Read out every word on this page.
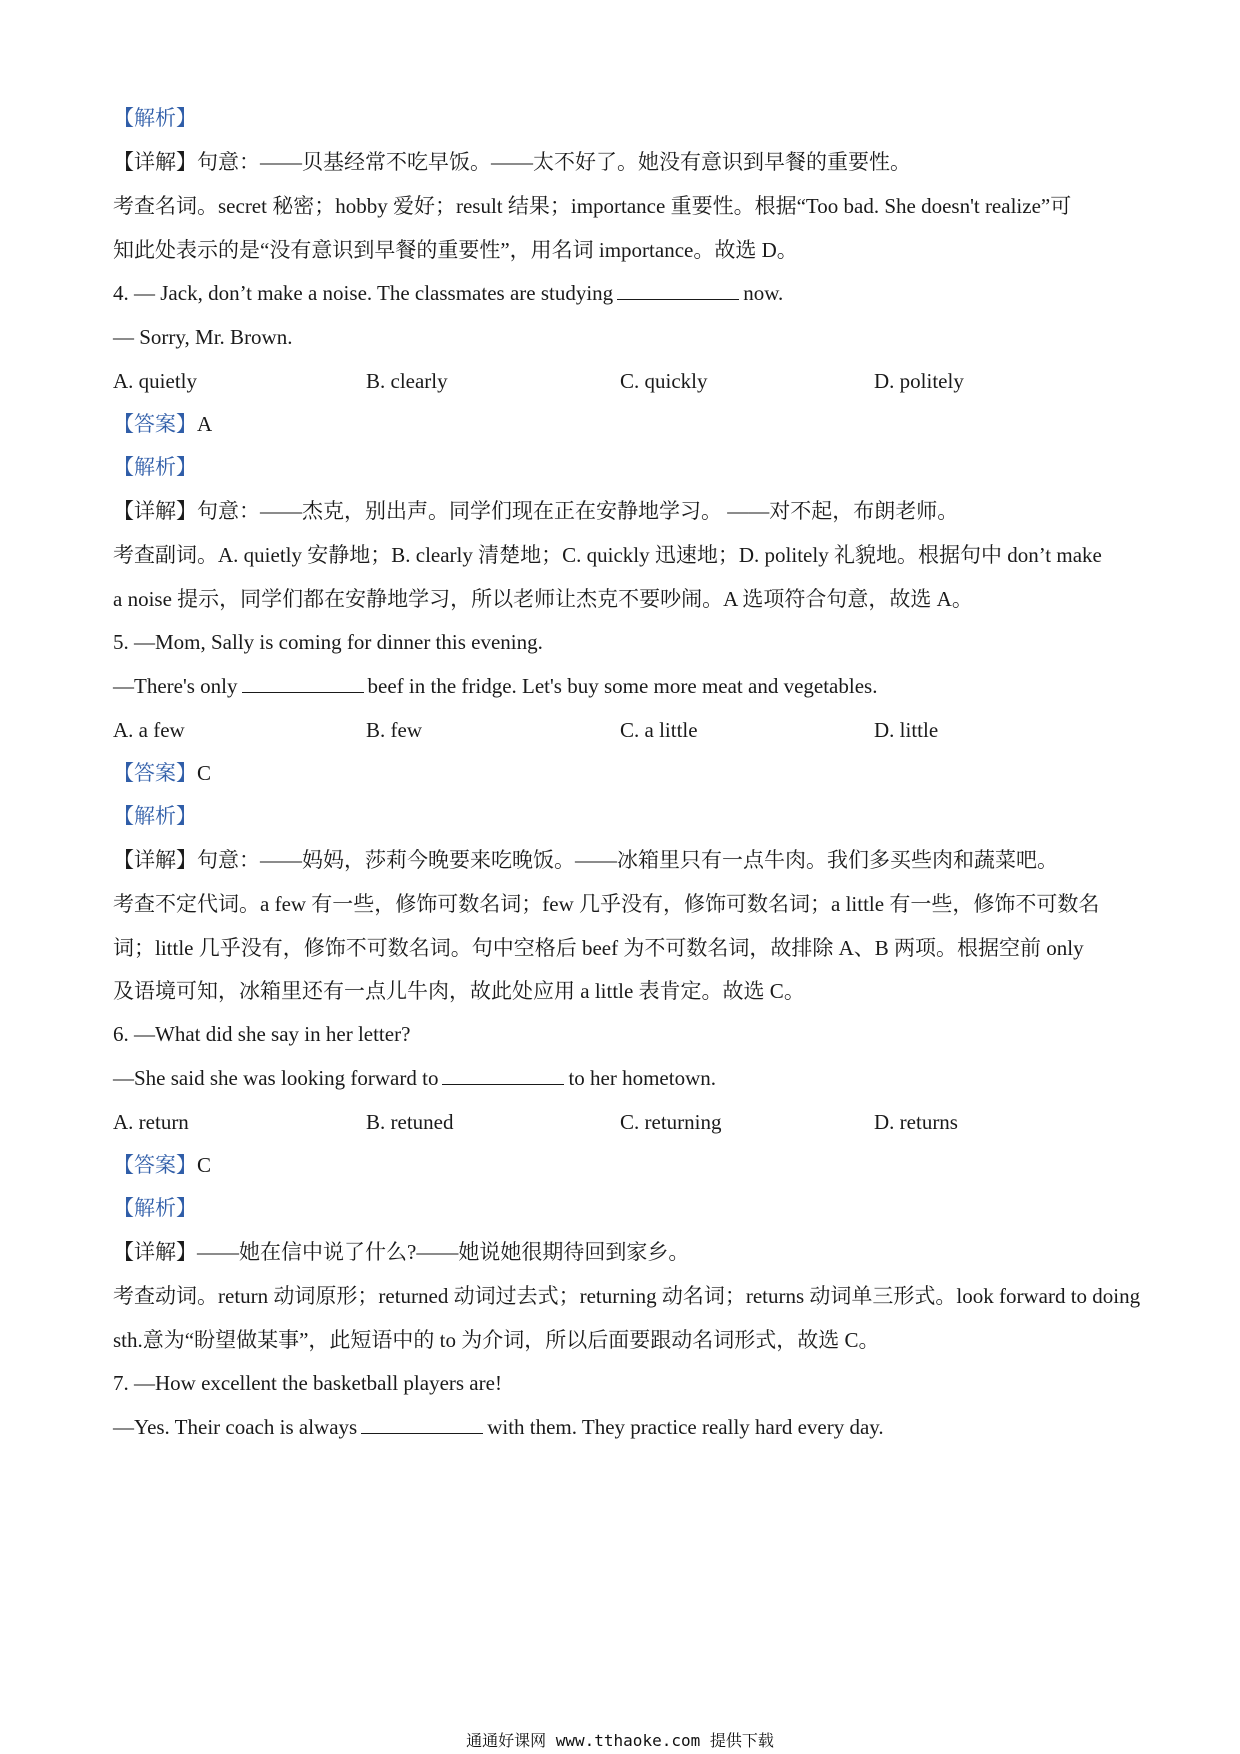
【解析】
【详解】句意：——贝基经常不吃早饭。——太不好了。她没有意识到早餐的重要性。
考查名词。secret 秘密；hobby 爱好；result 结果；importance 重要性。根据“Too bad. She doesn't realize”可
知此处表示的是“没有意识到早餐的重要性”，用名词 importance。故选 D。
4. — Jack, don’t make a noise. The classmates are studying	now.
— Sorry, Mr. Brown.
A. quietly	B. clearly	C. quickly	D. politely
【答案】A
【解析】
【详解】句意：——杰克，别出声。同学们现在正在安静地学习。 ——对不起，布朗老师。
考查副词。A. quietly 安静地；B. clearly 清楚地；C. quickly 迅速地；D. politely 礼貌地。根据句中 don’t make
a noise 提示，同学们都在安静地学习，所以老师让杰克不要吵闹。A 选项符合句意，故选 A。
5. —Mom, Sally is coming for dinner this evening.
—There's only	beef in the fridge. Let's buy some more meat and vegetables.
A. a few	B. few	C. a little	D. little
【答案】C
【解析】
【详解】句意：——妈妈，莎莉今晚要来吃晚饭。——冰箱里只有一点牛肉。我们多买些肉和蔬菜吧。
考查不定代词。a few 有一些，修饰可数名词；few 几乎没有，修饰可数名词；a little 有一些，修饰不可数名
词；little 几乎没有，修饰不可数名词。句中空格后 beef 为不可数名词，故排除 A、B 两项。根据空前 only
及语境可知，冰箱里还有一点儿牛肉，故此处应用 a little 表肯定。故选 C。
6. —What did she say in her letter?
—She said she was looking forward to	to her hometown.
A. return	B. retuned	C. returning	D. returns
【答案】C
【解析】
【详解】——她在信中说了什么?——她说她很期待回到家乡。
考查动词。return 动词原形；returned 动词过去式；returning 动名词；returns 动词单三形式。look forward to doing
sth.意为“盼望做某事”，此短语中的 to 为介词，所以后面要跟动名词形式，故选 C。
7. —How excellent the basketball players are!
—Yes. Their coach is always	with them. They practice really hard every day.
通通好课网 www.tthaoke.com 提供下载
